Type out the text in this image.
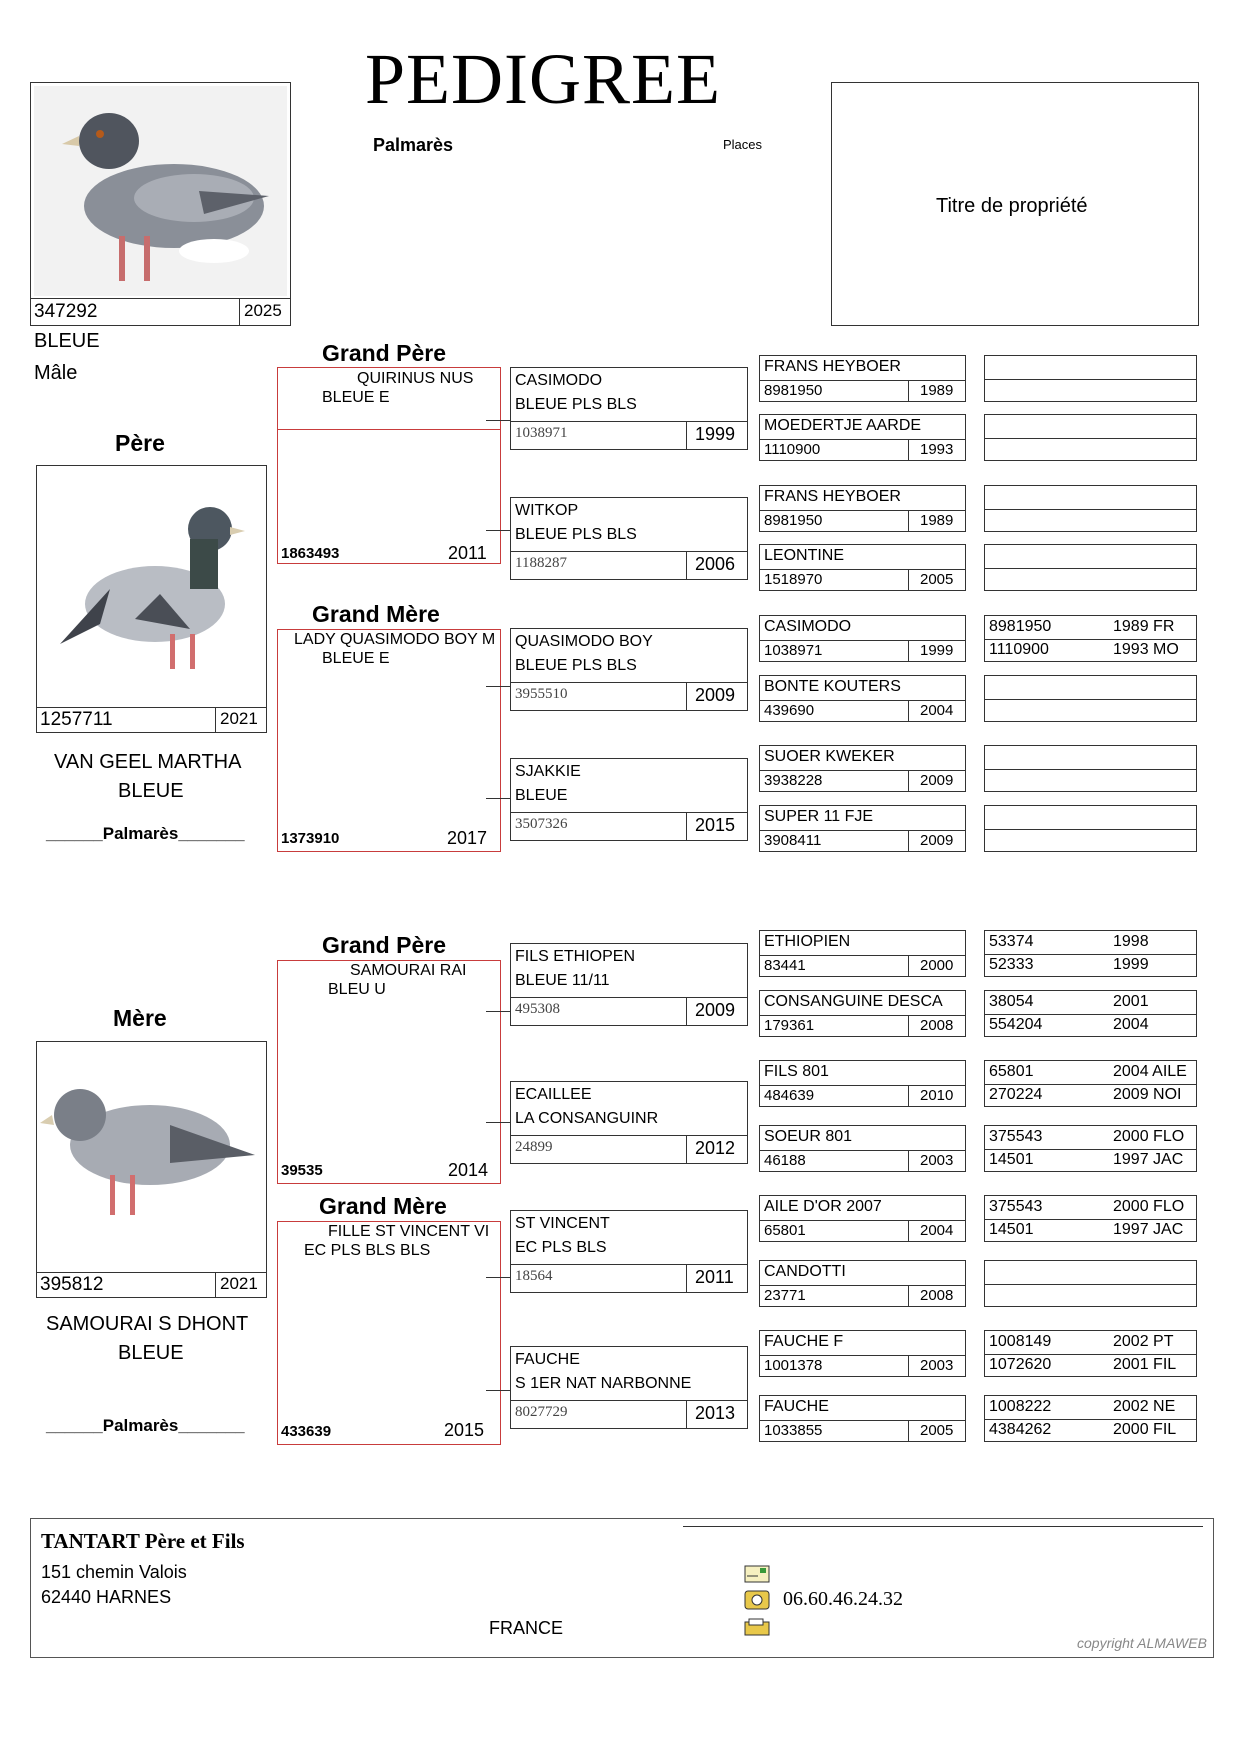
PEDIGREE
Palmarès	Places
Titre de propriété
347292	2025
BLEUE
Mâle
Père
1257711	2021
VAN GEEL MARTHA
BLEUE
______Palmarès_______
Mère
395812	2021
SAMOURAI S DHONT
BLEUE
______Palmarès_______
Grand Père
QUIRINUS NUS
BLEUE E
1863493	2011
Grand Mère
LADY QUASIMODO BOY M
BLEUE E
1373910	2017
Grand Père
SAMOURAI RAI
BLEU U
39535	2014
Grand Mère
FILLE ST VINCENT VI
EC PLS BLS BLS
433639	2015
CASIMODO
BLEUE PLS BLS
1038971	1999
WITKOP
BLEUE PLS BLS
1188287	2006
QUASIMODO BOY
BLEUE PLS BLS
3955510	2009
SJAKKIE
BLEUE
3507326	2015
FILS ETHIOPEN
BLEUE 11/11
495308	2009
ECAILLEE
LA CONSANGUINR
24899	2012
ST VINCENT
EC PLS BLS
18564	2011
FAUCHE
S 1ER NAT NARBONNE
8027729	2013
FRANS HEYBOER
8981950	1989
MOEDERTJE AARDE
1110900	1993
FRANS HEYBOER
8981950	1989
LEONTINE
1518970	2005
CASIMODO
1038971	1999
BONTE KOUTERS
439690	2004
SUOER KWEKER
3938228	2009
SUPER 11 FJE
3908411	2009
ETHIOPIEN
83441	2000
CONSANGUINE DESCA
179361	2008
FILS 801
484639	2010
SOEUR 801
46188	2003
AILE D'OR 2007
65801	2004
CANDOTTI
23771	2008
FAUCHE F
1001378	2003
FAUCHE
1033855	2005
8981950	1989 FR
1110900	1993 MO
53374	1998
52333	1999
38054	2001
554204	2004
65801	2004 AILE
270224	2009 NOI
375543	2000 FLO
14501	1997 JAC
375543	2000 FLO
14501	1997 JAC
1008149	2002 PT
1072620	2001 FIL
1008222	2002 NE
4384262	2000 FIL
TANTART Père et Fils
151 chemin Valois
62440 HARNES
FRANCE
06.60.46.24.32
copyright ALMAWEB
